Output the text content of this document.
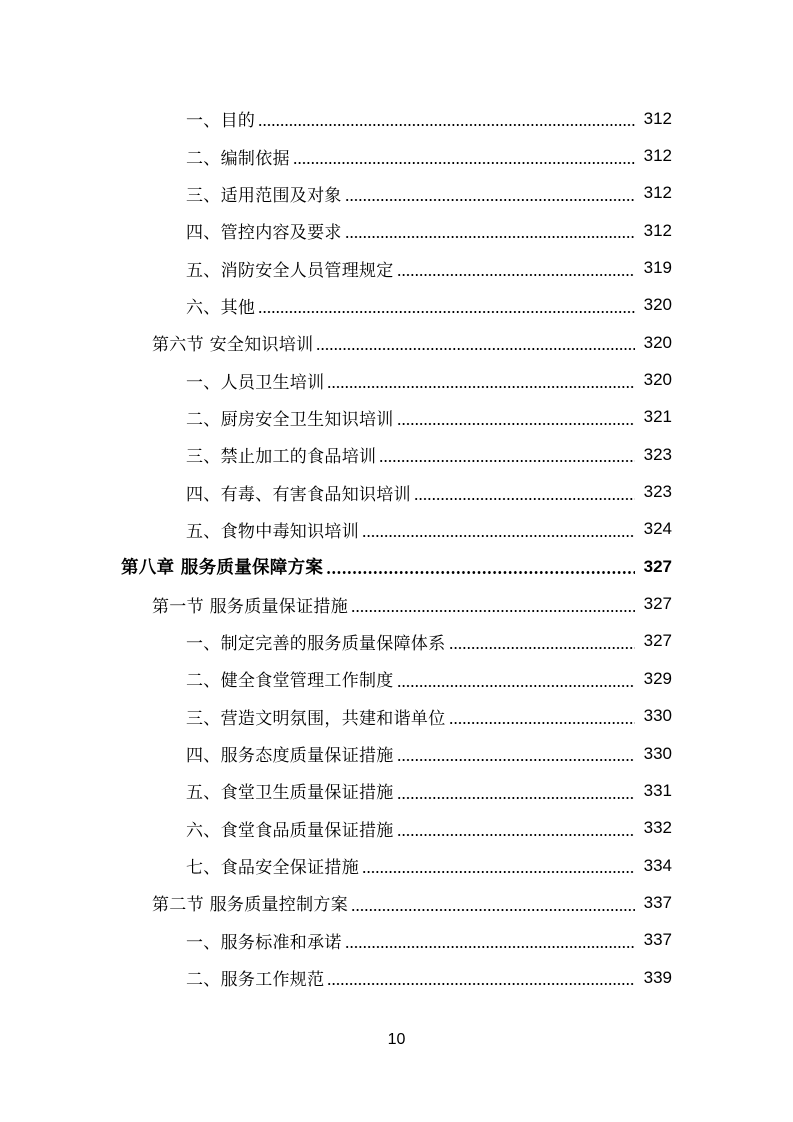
一、目的	312
二、编制依据	312
三、适用范围及对象	312
四、管控内容及要求	312
五、消防安全人员管理规定	319
六、其他	320
第六节 安全知识培训	320
一、人员卫生培训	320
二、厨房安全卫生知识培训	321
三、禁止加工的食品培训	323
四、有毒、有害食品知识培训	323
五、食物中毒知识培训	324
第八章 服务质量保障方案	327
第一节 服务质量保证措施	327
一、制定完善的服务质量保障体系	327
二、健全食堂管理工作制度	329
三、营造文明氛围，共建和谐单位	330
四、服务态度质量保证措施	330
五、食堂卫生质量保证措施	331
六、食堂食品质量保证措施	332
七、食品安全保证措施	334
第二节 服务质量控制方案	337
一、服务标准和承诺	337
二、服务工作规范	339
10
